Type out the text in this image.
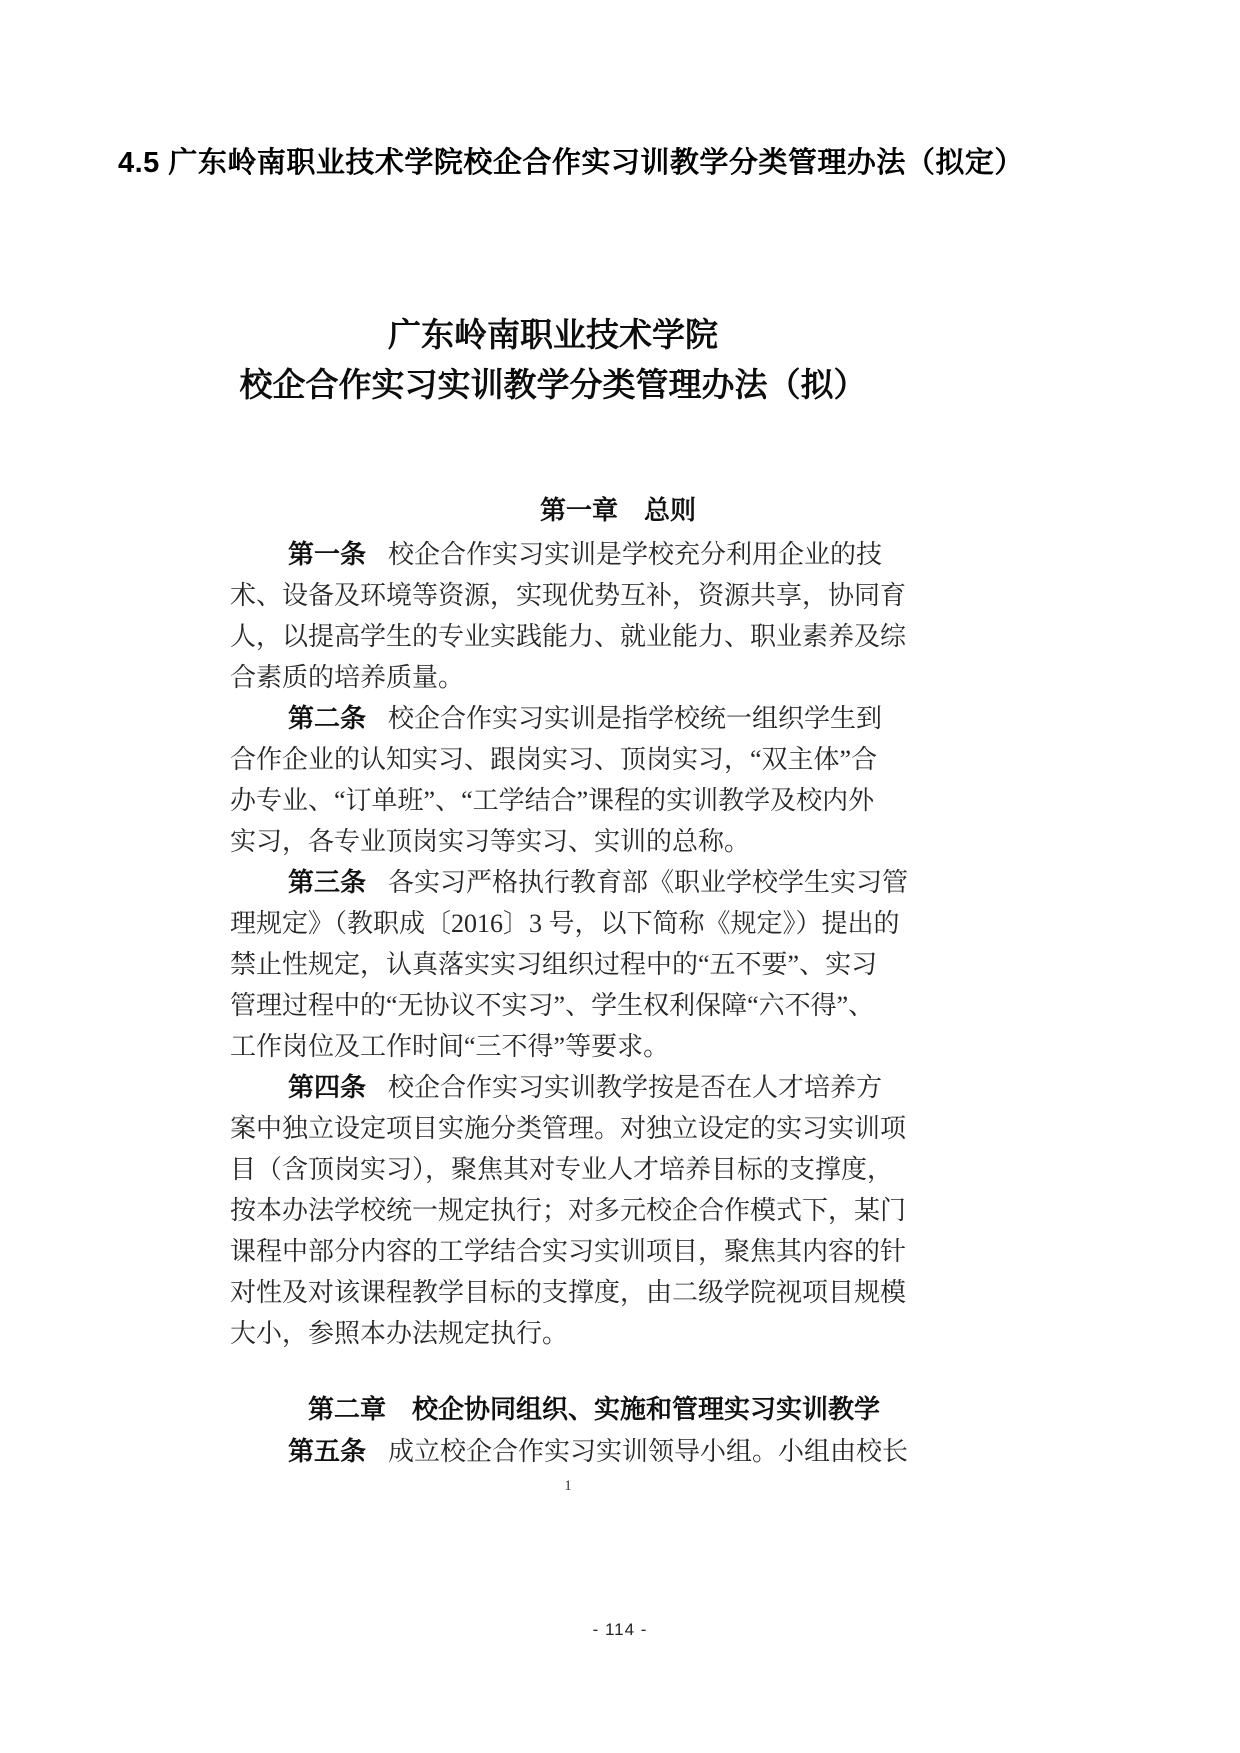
4.5 广东岭南职业技术学院校企合作实习训教学分类管理办法（拟定）
广东岭南职业技术学院
校企合作实习实训教学分类管理办法（拟）
第一章　总则
第一条 校企合作实习实训是学校充分利用企业的技
术、设备及环境等资源，实现优势互补，资源共享，协同育
人，以提高学生的专业实践能力、就业能力、职业素养及综
合素质的培养质量。
第二条 校企合作实习实训是指学校统一组织学生到
合作企业的认知实习、跟岗实习、顶岗实习，“双主体”合
办专业、“订单班”、“工学结合”课程的实训教学及校内外
实习，各专业顶岗实习等实习、实训的总称。
第三条 各实习严格执行教育部《职业学校学生实习管
理规定》（教职成〔2016〕3 号，以下简称《规定》）提出的
禁止性规定，认真落实实习组织过程中的“五不要”、实习
管理过程中的“无协议不实习”、学生权利保障“六不得”、
工作岗位及工作时间“三不得”等要求。
第四条 校企合作实习实训教学按是否在人才培养方
案中独立设定项目实施分类管理。对独立设定的实习实训项
目（含顶岗实习），聚焦其对专业人才培养目标的支撑度，
按本办法学校统一规定执行；对多元校企合作模式下，某门
课程中部分内容的工学结合实习实训项目，聚焦其内容的针
对性及对该课程教学目标的支撑度，由二级学院视项目规模
大小，参照本办法规定执行。
第二章　校企协同组织、实施和管理实习实训教学
第五条 成立校企合作实习实训领导小组。小组由校长
1
- 114 -
